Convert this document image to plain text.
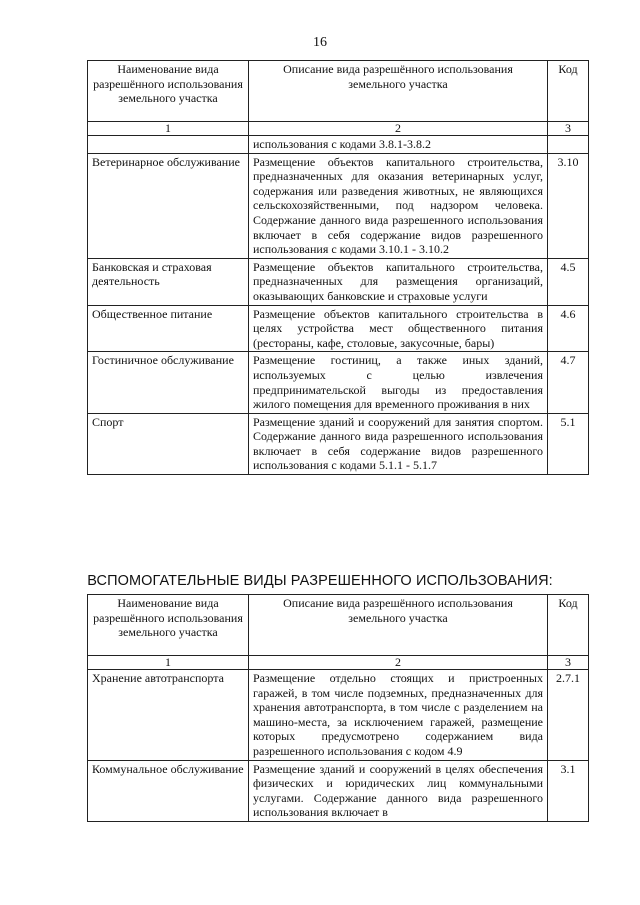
16
Наименование вида разрешённого использования земельного участка	Описание вида разрешённого использования земельного участка	Код
1	2	3
	использования с кодами 3.8.1-3.8.2	
Ветеринарное обслуживание	Размещение объектов капитального строительства, предназначенных для оказания ветеринарных услуг, содержания или разведения животных, не являющихся сельскохозяйственными, под надзором человека. Содержание данного вида разрешенного использования включает в себя содержание видов разрешенного использования с кодами 3.10.1 - 3.10.2	3.10
Банковская и страховая деятельность	Размещение объектов капитального строительства, предназначенных для размещения организаций, оказывающих банковские и страховые услуги	4.5
Общественное питание	Размещение объектов капитального строительства в целях устройства мест общественного питания (рестораны, кафе, столовые, закусочные, бары)	4.6
Гостиничное обслуживание	Размещение гостиниц, а также иных зданий, используемых с целью извлечения предпринимательской выгоды из предоставления жилого помещения для временного проживания в них	4.7
Спорт	Размещение зданий и сооружений для занятия спортом. Содержание данного вида разрешенного использования включает в себя содержание видов разрешенного использования с кодами 5.1.1 - 5.1.7	5.1
ВСПОМОГАТЕЛЬНЫЕ ВИДЫ РАЗРЕШЕННОГО ИСПОЛЬЗОВАНИЯ:
Наименование вида разрешённого использования земельного участка	Описание вида разрешённого использования земельного участка	Код
1	2	3
Хранение автотранспорта	Размещение отдельно стоящих и пристроенных гаражей, в том числе подземных, предназначенных для хранения автотранспорта, в том числе с разделением на машино-места, за исключением гаражей, размещение которых предусмотрено содержанием вида разрешенного использования с кодом 4.9	2.7.1
Коммунальное обслуживание	Размещение зданий и сооружений в целях обеспечения физических и юридических лиц коммунальными услугами. Содержание данного вида разрешенного использования включает в	3.1
